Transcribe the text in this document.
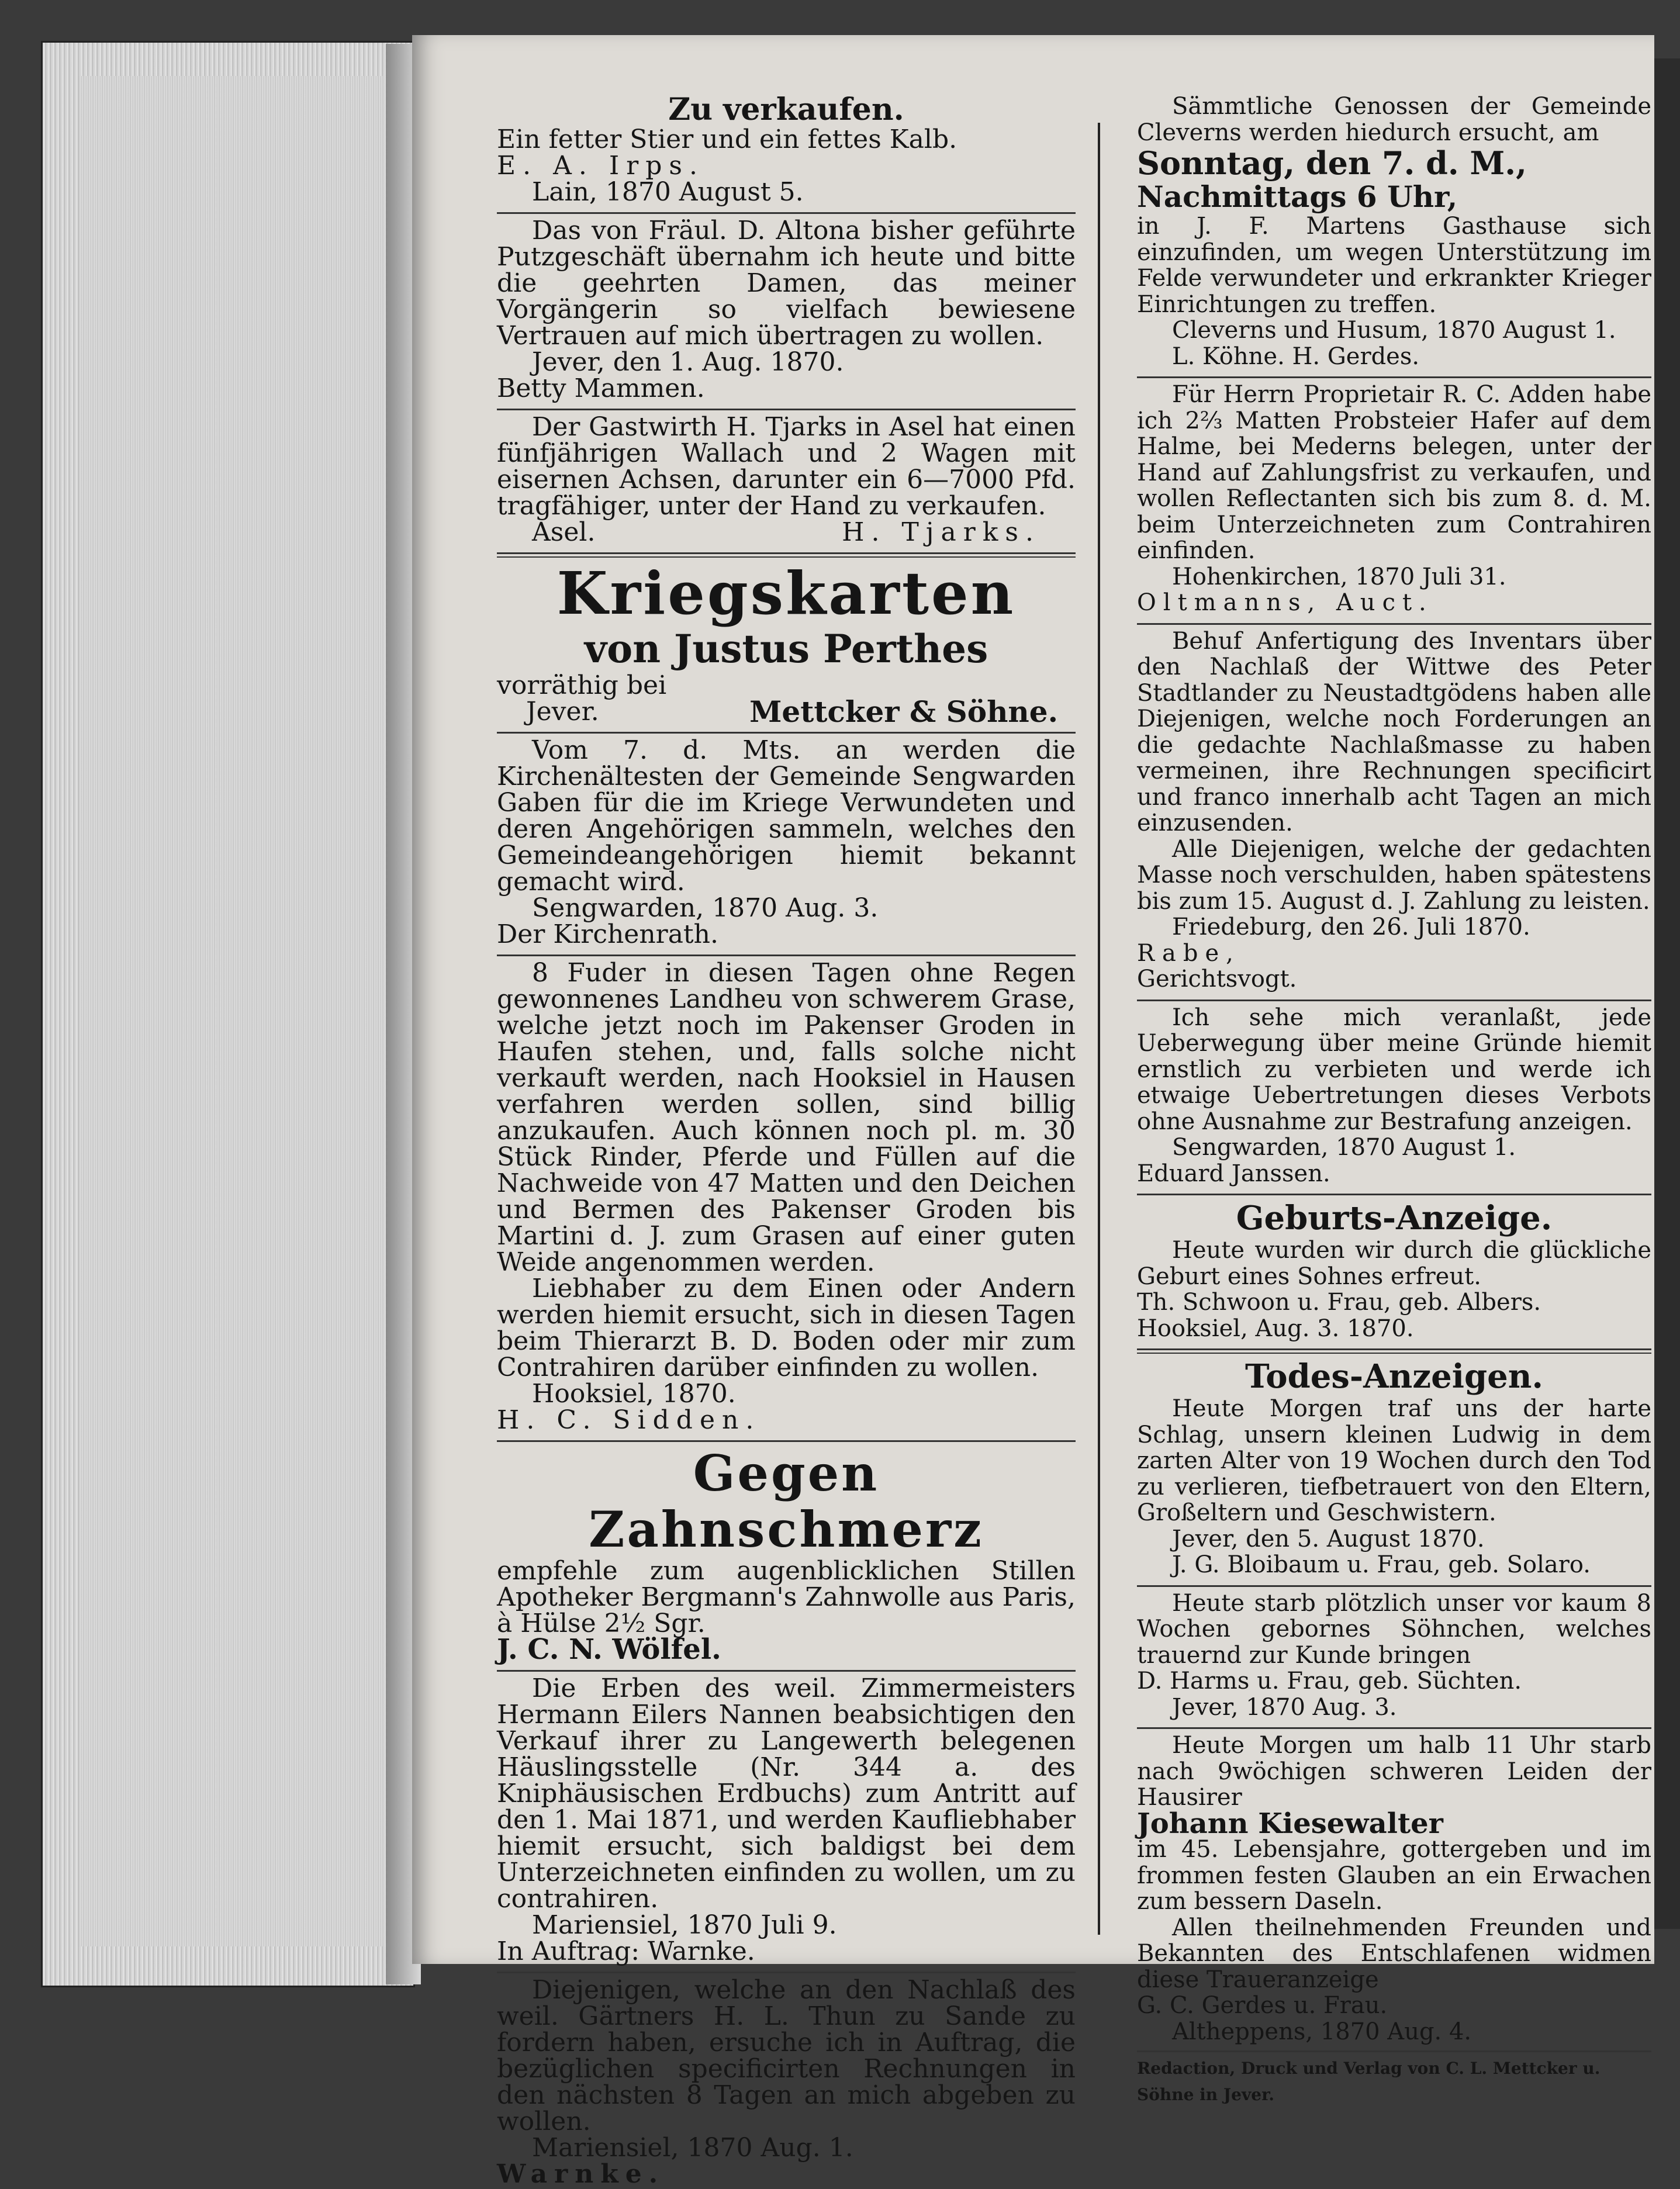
Zu verkaufen.

Ein fetter Stier und ein fettes Kalb.

E. A. Irps.

Lain, 1870 August 5.

Das von Fräul. D. Altona bisher geführte Putzgeschäft übernahm ich heute und bitte die geehrten Damen, das meiner Vorgängerin so vielfach bewiesene Vertrauen auf mich übertragen zu wollen.

Jever, den 1. Aug. 1870.

Betty Mammen.

Der Gastwirth H. Tjarks in Asel hat einen fünfjährigen Wallach und 2 Wagen mit eisernen Achsen, darunter ein 6—7000 Pfd. tragfähiger, unter der Hand zu verkaufen.

Asel.	H. Tjarks.
Kriegskarten
von Justus Perthes

vorräthig bei

Jever.	Mettcker & Söhne.

Vom 7. d. Mts. an werden die Kirchenältesten der Gemeinde Sengwarden Gaben für die im Kriege Verwundeten und deren Angehörigen sammeln, welches den Gemeindeangehörigen hiemit bekannt gemacht wird.

Sengwarden, 1870 Aug. 3.

Der Kirchenrath.

8 Fuder in diesen Tagen ohne Regen gewonnenes Landheu von schwerem Grase, welche jetzt noch im Pakenser Groden in Haufen stehen, und, falls solche nicht verkauft werden, nach Hooksiel in Hausen verfahren werden sollen, sind billig anzukaufen. Auch können noch pl. m. 30 Stück Rinder, Pferde und Füllen auf die Nachweide von 47 Matten und den Deichen und Bermen des Pakenser Groden bis Martini d. J. zum Grasen auf einer guten Weide angenommen werden.

Liebhaber zu dem Einen oder Andern werden hiemit ersucht, sich in diesen Tagen beim Thierarzt B. D. Boden oder mir zum Contrahiren darüber einfinden zu wollen.

Hooksiel, 1870.

H. C. Sidden.

Gegen Zahnschmerz

empfehle zum augenblicklichen Stillen Apotheker Bergmann's Zahnwolle aus Paris, à Hülse 2½ Sgr.

J. C. N. Wölfel.

Die Erben des weil. Zimmermeisters Hermann Eilers Nannen beabsichtigen den Verkauf ihrer zu Langewerth belegenen Häuslingsstelle (Nr. 344 a. des Kniphäusischen Erdbuchs) zum Antritt auf den 1. Mai 1871, und werden Kaufliebhaber hiemit ersucht, sich baldigst bei dem Unterzeichneten einfinden zu wollen, um zu contrahiren.

Mariensiel, 1870 Juli 9.

In Auftrag: Warnke.

Diejenigen, welche an den Nachlaß des weil. Gärtners H. L. Thun zu Sande zu fordern haben, ersuche ich in Auftrag, die bezüglichen specificirten Rechnungen in den nächsten 8 Tagen an mich abgeben zu wollen.

Mariensiel, 1870 Aug. 1.

Warnke.

Sämmtliche Genossen der Gemeinde Cleverns werden hiedurch ersucht, am

Sonntag, den 7. d. M.,

Nachmittags 6 Uhr,

in J. F. Martens Gasthause sich einzufinden, um wegen Unterstützung im Felde verwundeter und erkrankter Krieger Einrichtungen zu treffen.

Cleverns und Husum, 1870 August 1.

L. Köhne. H. Gerdes.

Für Herrn Proprietair R. C. Adden habe ich 2⅔ Matten Probsteier Hafer auf dem Halme, bei Mederns belegen, unter der Hand auf Zahlungsfrist zu verkaufen, und wollen Reflectanten sich bis zum 8. d. M. beim Unterzeichneten zum Contrahiren einfinden.

Hohenkirchen, 1870 Juli 31.

Oltmanns, Auct.

Behuf Anfertigung des Inventars über den Nachlaß der Wittwe des Peter Stadtlander zu Neustadtgödens haben alle Diejenigen, welche noch Forderungen an die gedachte Nachlaßmasse zu haben vermeinen, ihre Rechnungen specificirt und franco innerhalb acht Tagen an mich einzusenden.

Alle Diejenigen, welche der gedachten Masse noch verschulden, haben spätestens bis zum 15. August d. J. Zahlung zu leisten.

Friedeburg, den 26. Juli 1870.

Rabe,

Gerichtsvogt.

Ich sehe mich veranlaßt, jede Ueberwegung über meine Gründe hiemit ernstlich zu verbieten und werde ich etwaige Uebertretungen dieses Verbots ohne Ausnahme zur Bestrafung anzeigen.

Sengwarden, 1870 August 1.

Eduard Janssen.

Geburts-Anzeige.

Heute wurden wir durch die glückliche Geburt eines Sohnes erfreut.

Th. Schwoon u. Frau, geb. Albers.

Hooksiel, Aug. 3. 1870.

Todes-Anzeigen.

Heute Morgen traf uns der harte Schlag, unsern kleinen Ludwig in dem zarten Alter von 19 Wochen durch den Tod zu verlieren, tiefbetrauert von den Eltern, Großeltern und Geschwistern.

Jever, den 5. August 1870.

J. G. Bloibaum u. Frau, geb. Solaro.

Heute starb plötzlich unser vor kaum 8 Wochen gebornes Söhnchen, welches trauernd zur Kunde bringen

D. Harms u. Frau, geb. Süchten.

Jever, 1870 Aug. 3.

Heute Morgen um halb 11 Uhr starb nach 9wöchigen schweren Leiden der Hausirer

Johann Kiesewalter

im 45. Lebensjahre, gottergeben und im frommen festen Glauben an ein Erwachen zum bessern Daseln.

Allen theilnehmenden Freunden und Bekannten des Entschlafenen widmen diese Traueranzeige

G. C. Gerdes u. Frau.

Altheppens, 1870 Aug. 4.

Redaction, Druck und Verlag von C. L. Mettcker u. Söhne in Jever.
